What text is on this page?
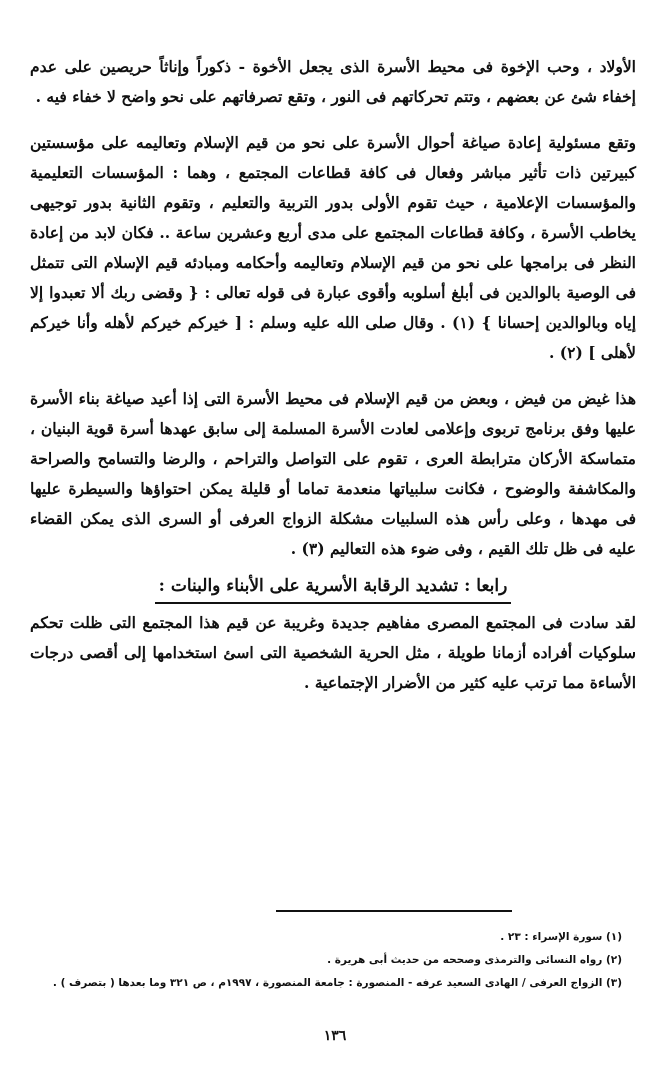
الأولاد ، وحب الإخوة فى محيط الأسرة الذى يجعل الأخوة - ذكوراً وإناثاً حريصين على عدم إخفاء شئ عن بعضهم ، وتتم تحركاتهم فى النور ، وتقع تصرفاتهم على نحو واضح لا خفاء فيه .

وتقع مسئولية إعادة صياغة أحوال الأسرة على نحو من قيم الإسلام وتعاليمه على مؤسستين كبيرتين ذات تأثير مباشر وفعال فى كافة قطاعات المجتمع ، وهما : المؤسسات التعليمية والمؤسسات الإعلامية ، حيث تقوم الأولى بدور التربية والتعليم ، وتقوم الثانية بدور توجيهى يخاطب الأسرة ، وكافة قطاعات المجتمع على مدى أربع وعشرين ساعة .. فكان لابد من إعادة النظر فى برامجها على نحو من قيم الإسلام وتعاليمه وأحكامه ومبادئه قيم الإسلام التى تتمثل فى الوصية بالوالدين فى أبلغ أسلوبه وأقوى عبارة فى قوله تعالى : { وقضى ربك ألا تعبدوا إلا إياه وبالوالدين إحسانا } (١) . وقال صلى الله عليه وسلم : [ خيركم خيركم لأهله وأنا خيركم لأهلى ] (٢) .

هذا غيض من فيض ، وبعض من قيم الإسلام فى محيط الأسرة التى إذا أعيد صياغة بناء الأسرة عليها وفق برنامج تربوى وإعلامى لعادت الأسرة المسلمة إلى سابق عهدها أسرة قوية البنيان ، متماسكة الأركان مترابطة العرى ، تقوم على التواصل والتراحم ، والرضا والتسامح والصراحة والمكاشفة والوضوح ، فكانت سلبياتها منعدمة تماما أو قليلة يمكن احتواؤها والسيطرة عليها فى مهدها ، وعلى رأس هذه السلبيات مشكلة الزواج العرفى أو السرى الذى يمكن القضاء عليه فى ظل تلك القيم ، وفى ضوء هذه التعاليم (٣) .

رابعا : تشديد الرقابة الأسرية على الأبناء والبنات :

لقد سادت فى المجتمع المصرى مفاهيم جديدة وغريبة عن قيم هذا المجتمع التى ظلت تحكم سلوكيات أفراده أزمانا طويلة ، مثل الحرية الشخصية التى اسئ استخدامها إلى أقصى درجات الأساءة مما ترتب عليه كثير من الأضرار الإجتماعية .

(١) سورة الإسراء : ٢٣ .

(٢) رواه النسائى والترمذى وصححه من حديث أبى هريرة .

(٣) الزواج العرفى / الهادى السعيد عرفه - المنصورة : جامعة المنصورة ، ١٩٩٧م ، ص ٣٢١ وما بعدها ( بتصرف ) .

١٣٦
